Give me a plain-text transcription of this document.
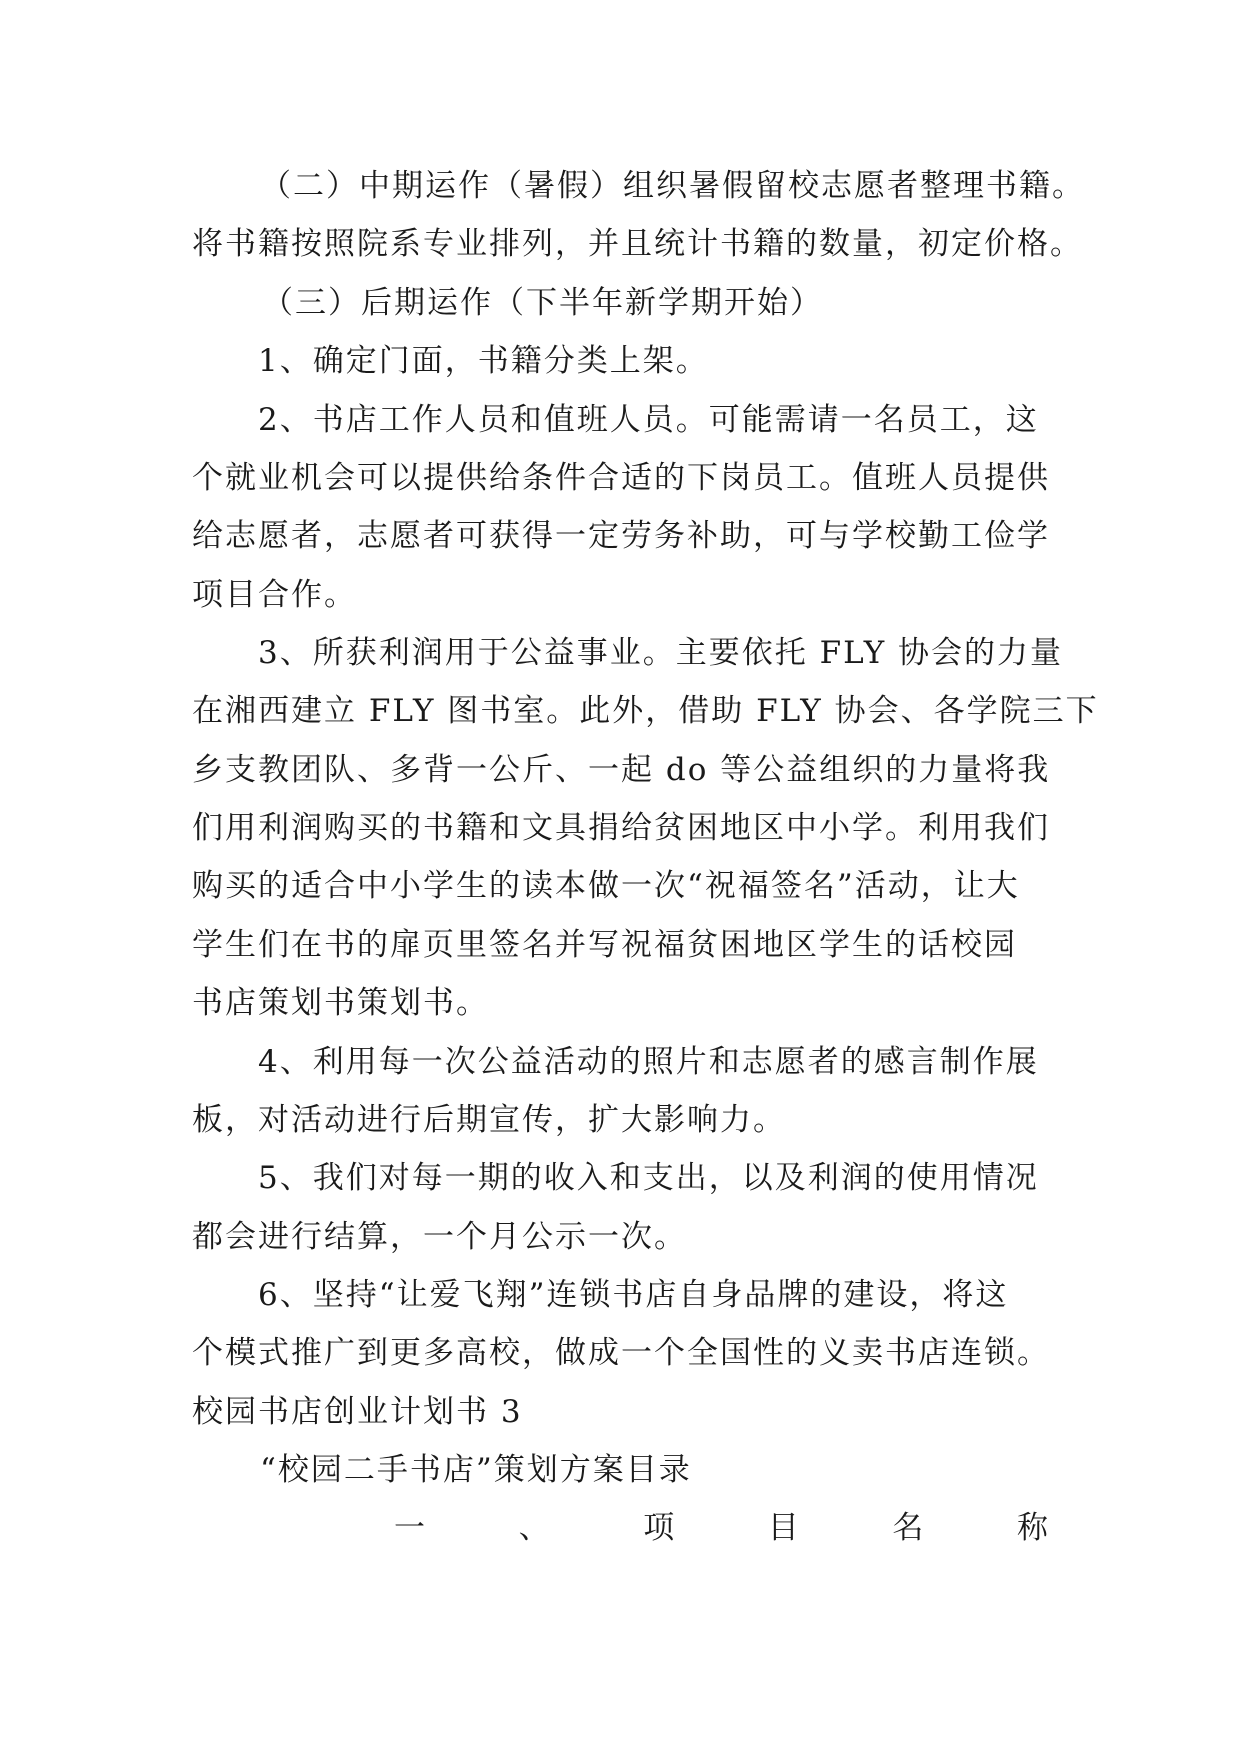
（二）中期运作（暑假）组织暑假留校志愿者整理书籍。
将书籍按照院系专业排列，并且统计书籍的数量，初定价格。
（三）后期运作（下半年新学期开始）
1、确定门面，书籍分类上架。
2、书店工作人员和值班人员。可能需请一名员工，这
个就业机会可以提供给条件合适的下岗员工。值班人员提供
给志愿者，志愿者可获得一定劳务补助，可与学校勤工俭学
项目合作。
3、所获利润用于公益事业。主要依托 FLY 协会的力量
在湘西建立 FLY 图书室。此外，借助 FLY 协会、各学院三下
乡支教团队、多背一公斤、一起 do 等公益组织的力量将我
们用利润购买的书籍和文具捐给贫困地区中小学。利用我们
购买的适合中小学生的读本做一次“祝福签名”活动，让大
学生们在书的扉页里签名并写祝福贫困地区学生的话校园
书店策划书策划书。
4、利用每一次公益活动的照片和志愿者的感言制作展
板，对活动进行后期宣传，扩大影响力。
5、我们对每一期的收入和支出，以及利润的使用情况
都会进行结算，一个月公示一次。
6、坚持“让爱飞翔”连锁书店自身品牌的建设，将这
个模式推广到更多高校，做成一个全国性的义卖书店连锁。
校园书店创业计划书 3
“校园二手书店”策划方案目录
一	、	项	目	名	称
